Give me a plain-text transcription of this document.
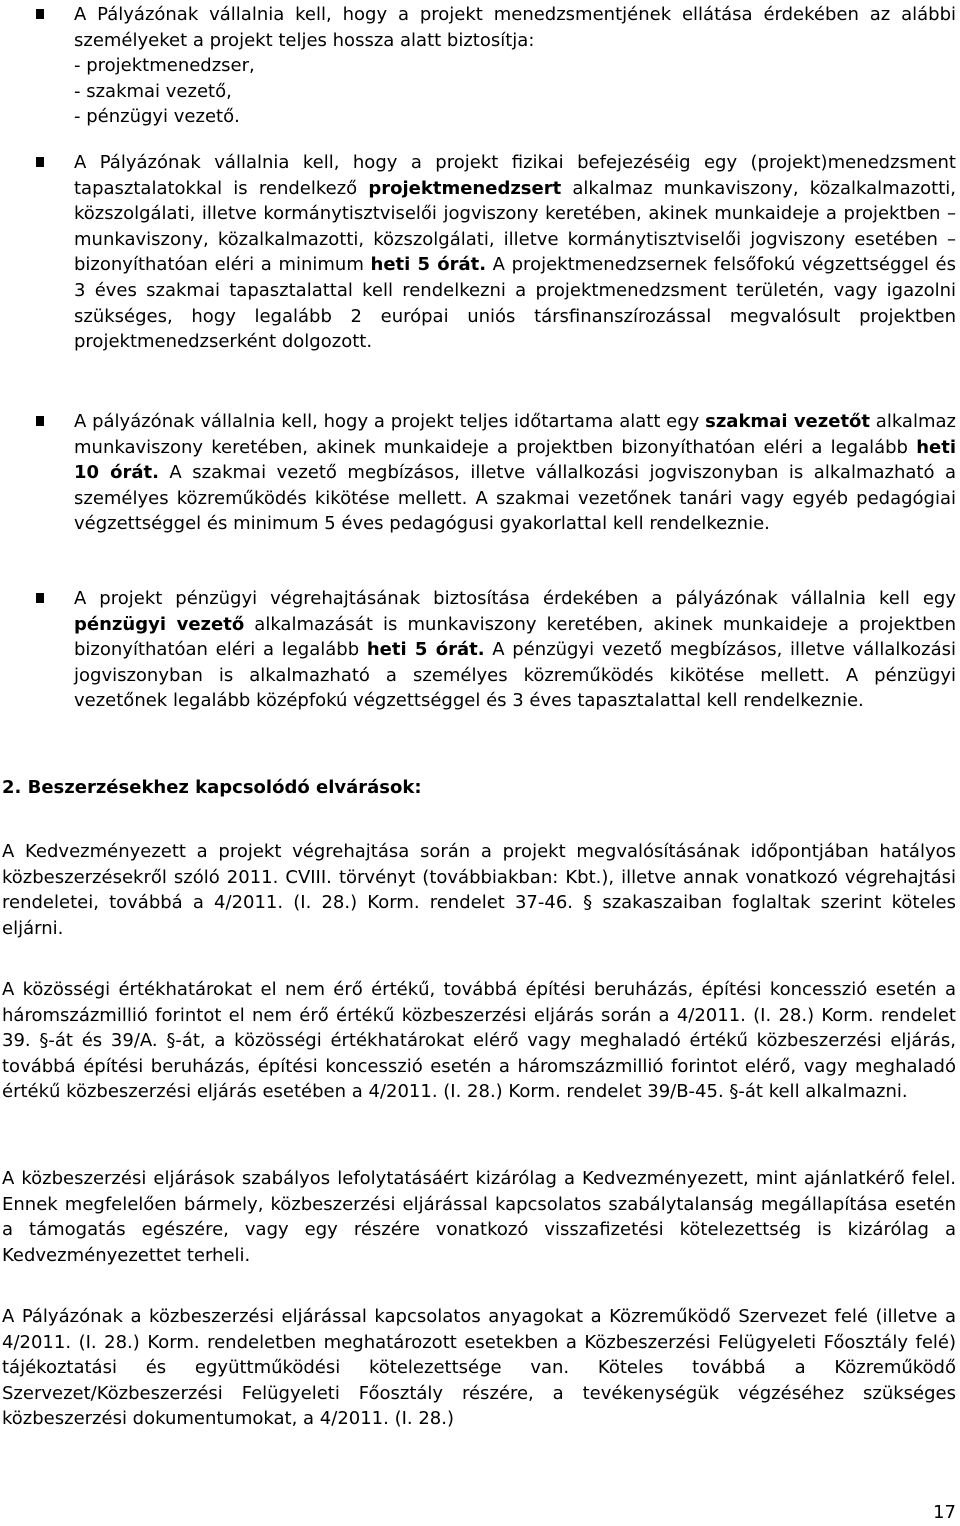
A Pályázónak vállalnia kell, hogy a projekt menedzsmentjének ellátása érdekében az alábbi személyeket a projekt teljes hossza alatt biztosítja:

- projektmenedzser,
- szakmai vezető,
- pénzügyi vezető.

A Pályázónak vállalnia kell, hogy a projekt fizikai befejezéséig egy (projekt)menedzsment tapasztalatokkal is rendelkező projektmenedzsert alkalmaz munkaviszony, közalkalmazotti, közszolgálati, illetve kormánytisztviselői jogviszony keretében, akinek munkaideje a projektben – munkaviszony, közalkalmazotti, közszolgálati, illetve kormánytisztviselői jogviszony esetében – bizonyíthatóan eléri a minimum heti 5 órát. A projektmenedzsernek felsőfokú végzettséggel és 3 éves szakmai tapasztalattal kell rendelkezni a projektmenedzsment területén, vagy igazolni szükséges, hogy legalább 2 európai uniós társfinanszírozással megvalósult projektben projektmenedzserként dolgozott.

A pályázónak vállalnia kell, hogy a projekt teljes időtartama alatt egy szakmai vezetőt alkalmaz munkaviszony keretében, akinek munkaideje a projektben bizonyíthatóan eléri a legalább heti 10 órát. A szakmai vezető megbízásos, illetve vállalkozási jogviszonyban is alkalmazható a személyes közreműködés kikötése mellett. A szakmai vezetőnek tanári vagy egyéb pedagógiai végzettséggel és minimum 5 éves pedagógusi gyakorlattal kell rendelkeznie.

A projekt pénzügyi végrehajtásának biztosítása érdekében a pályázónak vállalnia kell egy pénzügyi vezető alkalmazását is munkaviszony keretében, akinek munkaideje a projektben bizonyíthatóan eléri a legalább heti 5 órát. A pénzügyi vezető megbízásos, illetve vállalkozási jogviszonyban is alkalmazható a személyes közreműködés kikötése mellett. A pénzügyi vezetőnek legalább középfokú végzettséggel és 3 éves tapasztalattal kell rendelkeznie.

2. Beszerzésekhez kapcsolódó elvárások:

A Kedvezményezett a projekt végrehajtása során a projekt megvalósításának időpontjában hatályos közbeszerzésekről szóló 2011. CVIII. törvényt (továbbiakban: Kbt.), illetve annak vonatkozó végrehajtási rendeletei, továbbá a 4/2011. (I. 28.) Korm. rendelet 37-46. § szakaszaiban foglaltak szerint köteles eljárni.

A közösségi értékhatárokat el nem érő értékű, továbbá építési beruházás, építési koncesszió esetén a háromszázmillió forintot el nem érő értékű közbeszerzési eljárás során a 4/2011. (I. 28.) Korm. rendelet 39. §-át és 39/A. §-át, a közösségi értékhatárokat elérő vagy meghaladó értékű közbeszerzési eljárás, továbbá építési beruházás, építési koncesszió esetén a háromszázmillió forintot elérő, vagy meghaladó értékű közbeszerzési eljárás esetében a 4/2011. (I. 28.) Korm. rendelet 39/B-45. §-át kell alkalmazni.

A közbeszerzési eljárások szabályos lefolytatásáért kizárólag a Kedvezményezett, mint ajánlatkérő felel. Ennek megfelelően bármely, közbeszerzési eljárással kapcsolatos szabálytalanság megállapítása esetén a támogatás egészére, vagy egy részére vonatkozó visszafizetési kötelezettség is kizárólag a Kedvezményezettet terheli.

A Pályázónak a közbeszerzési eljárással kapcsolatos anyagokat a Közreműködő Szervezet felé (illetve a 4/2011. (I. 28.) Korm. rendeletben meghatározott esetekben a Közbeszerzési Felügyeleti Főosztály felé) tájékoztatási és együttműködési kötelezettsége van. Köteles továbbá a Közreműködő Szervezet/Közbeszerzési Felügyeleti Főosztály részére, a tevékenységük végzéséhez szükséges közbeszerzési dokumentumokat, a 4/2011. (I. 28.)

17
